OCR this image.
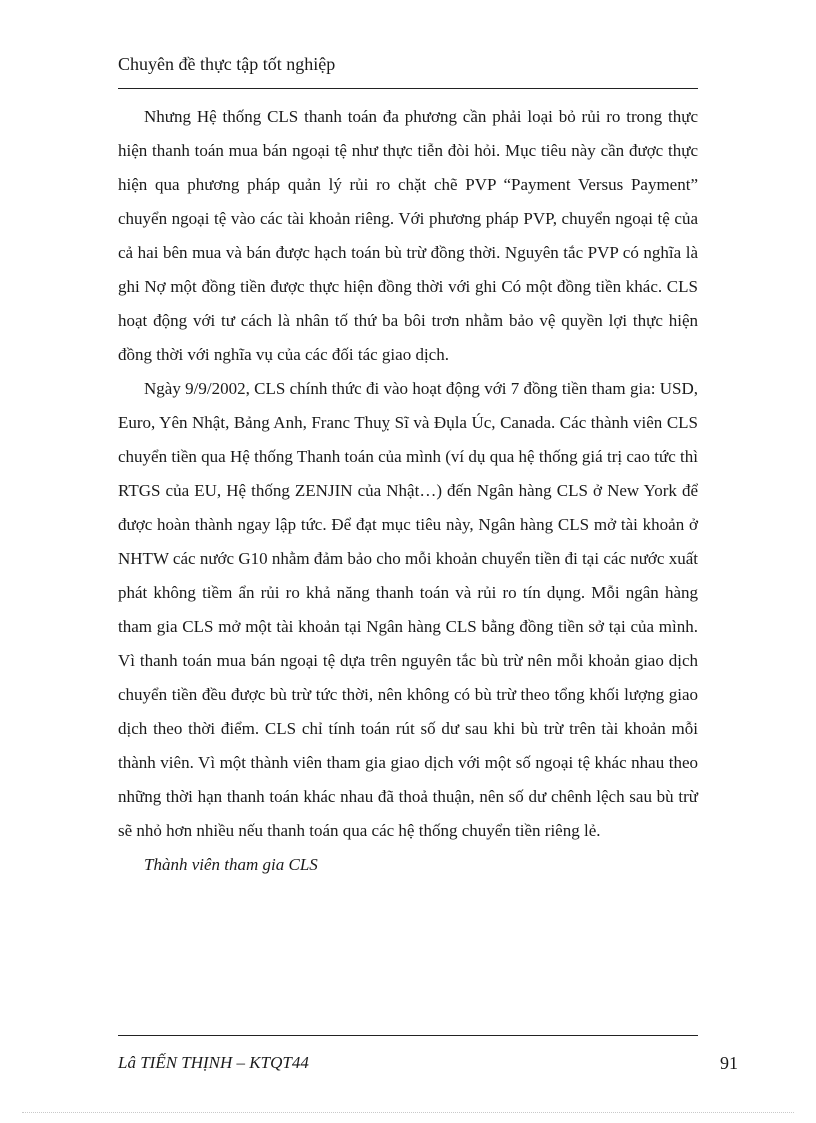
Chuyên đề thực tập tốt nghiệp

Nhưng Hệ thống CLS thanh toán đa phương cần phải loại bỏ rủi ro trong thực hiện thanh toán mua bán ngoại tệ như thực tiễn đòi hỏi. Mục tiêu này cần được thực hiện qua phương pháp quản lý rủi ro chặt chẽ PVP “Payment Versus Payment” chuyển ngoại tệ vào các tài khoản riêng. Với phương pháp PVP, chuyển ngoại tệ của cả hai bên mua và bán được hạch toán bù trừ đồng thời. Nguyên tắc PVP có nghĩa là ghi Nợ một đồng tiền được thực hiện đồng thời với ghi Có một đồng tiền khác. CLS hoạt động với tư cách là nhân tố thứ ba bôi trơn nhằm bảo vệ quyền lợi thực hiện đồng thời với nghĩa vụ của các đối tác giao dịch.

Ngày 9/9/2002, CLS chính thức đi vào hoạt động với 7 đồng tiền tham gia: USD, Euro, Yên Nhật, Bảng Anh, Franc Thuỵ Sĩ và Đụla Úc, Canada. Các thành viên CLS chuyển tiền qua Hệ thống Thanh toán của mình (ví dụ qua hệ thống giá trị cao tức thì RTGS của EU, Hệ thống ZENJIN của Nhật…) đến Ngân hàng CLS ở New York để được hoàn thành ngay lập tức. Để đạt mục tiêu này, Ngân hàng CLS mở tài khoản ở NHTW các nước G10 nhằm đảm bảo cho mỗi khoản chuyển tiền đi tại các nước xuất phát không tiềm ẩn rủi ro khả năng thanh toán và rủi ro tín dụng. Mỗi ngân hàng tham gia CLS mở một tài khoản tại Ngân hàng CLS bằng đồng tiền sở tại của mình. Vì thanh toán mua bán ngoại tệ dựa trên nguyên tắc bù trừ nên mỗi khoản giao dịch chuyển tiền đều được bù trừ tức thời, nên không có bù trừ theo tổng khối lượng giao dịch theo thời điểm. CLS chỉ tính toán rút số dư sau khi bù trừ trên tài khoản mỗi thành viên. Vì một thành viên tham gia giao dịch với một số ngoại tệ khác nhau theo những thời hạn thanh toán khác nhau đã thoả thuận, nên số dư chênh lệch sau bù trừ sẽ nhỏ hơn nhiều nếu thanh toán qua các hệ thống chuyển tiền riêng lẻ.

Thành viên tham gia CLS

Lâ TIẾN THỊNH – KTQT44	91
